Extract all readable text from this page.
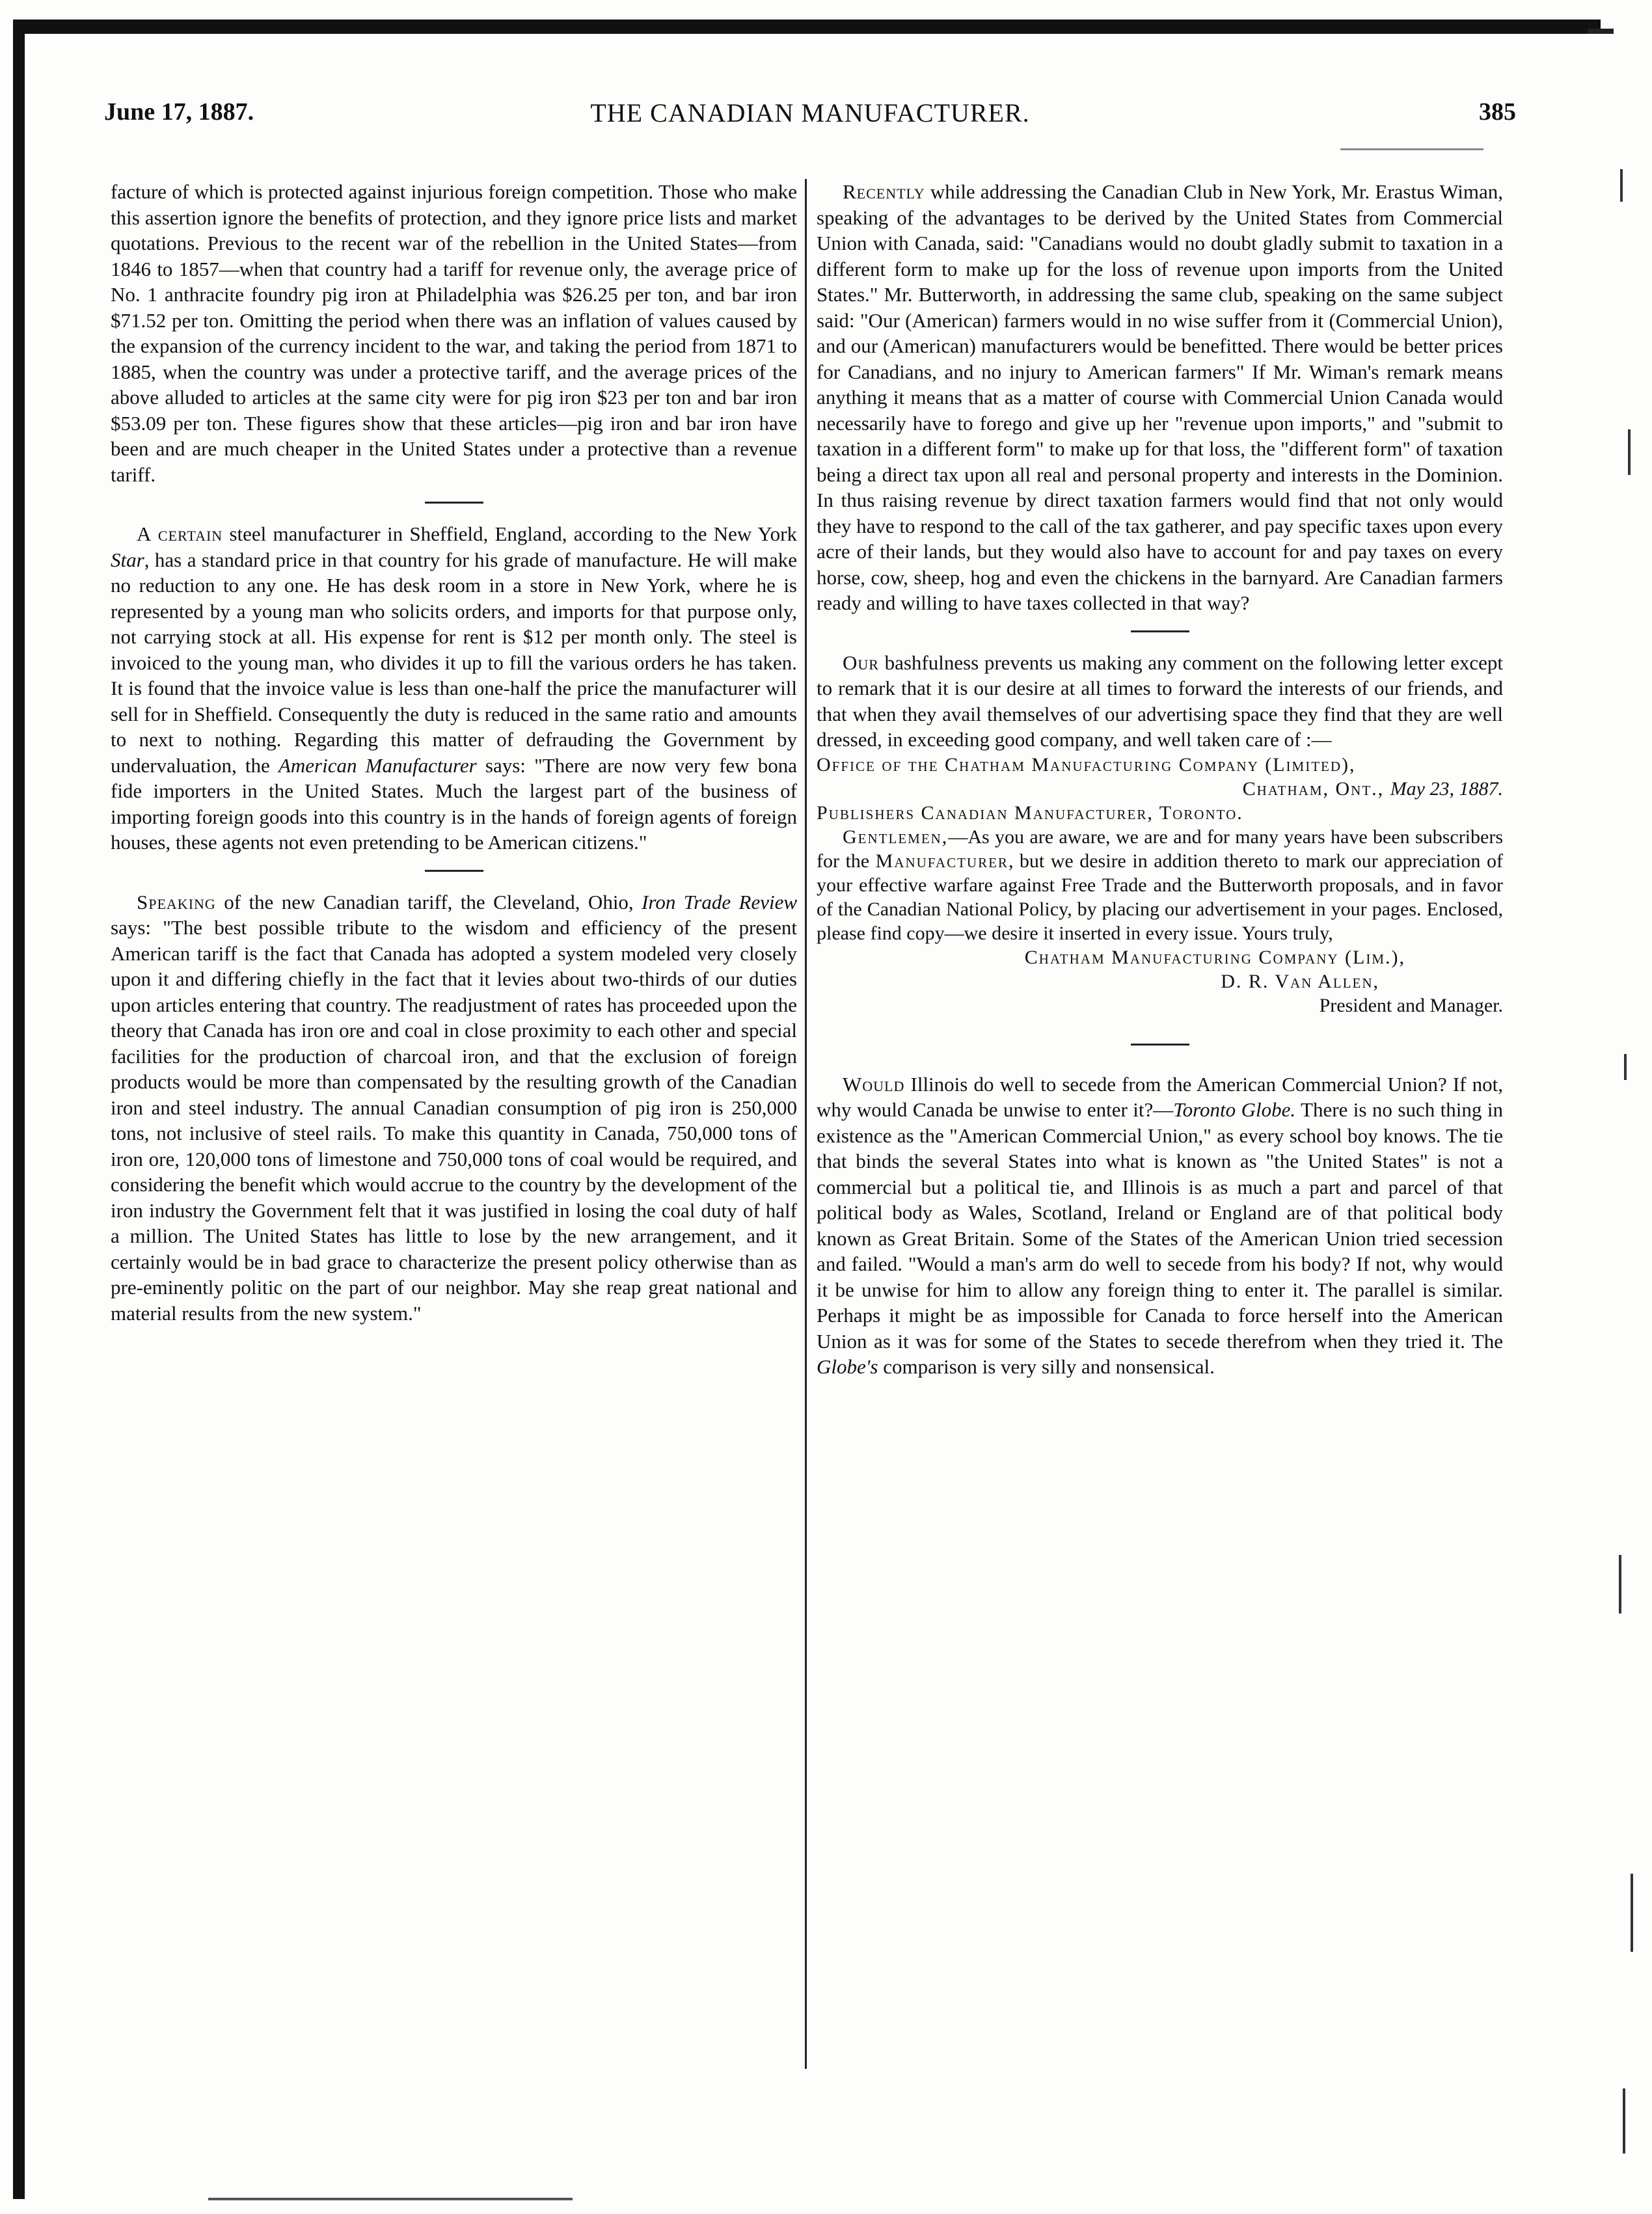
June 17, 1887.	THE CANADIAN MANUFACTURER.	385

facture of which is protected against injurious foreign competition. Those who make this assertion ignore the benefits of protection, and they ignore price lists and market quotations. Previous to the recent war of the rebellion in the United States—from 1846 to 1857—when that country had a tariff for revenue only, the average price of No. 1 anthracite foundry pig iron at Philadelphia was $26.25 per ton, and bar iron $71.52 per ton. Omitting the period when there was an inflation of values caused by the expansion of the currency incident to the war, and taking the period from 1871 to 1885, when the country was under a protective tariff, and the average prices of the above alluded to articles at the same city were for pig iron $23 per ton and bar iron $53.09 per ton. These figures show that these articles—pig iron and bar iron have been and are much cheaper in the United States under a protective than a revenue tariff.

A certain steel manufacturer in Sheffield, England, according to the New York Star, has a standard price in that country for his grade of manufacture. He will make no reduction to any one. He has desk room in a store in New York, where he is represented by a young man who solicits orders, and imports for that purpose only, not carrying stock at all. His expense for rent is $12 per month only. The steel is invoiced to the young man, who divides it up to fill the various orders he has taken. It is found that the invoice value is less than one-half the price the manufacturer will sell for in Sheffield. Consequently the duty is reduced in the same ratio and amounts to next to nothing. Regarding this matter of defrauding the Government by undervaluation, the American Manufacturer says: "There are now very few bona fide importers in the United States. Much the largest part of the business of importing foreign goods into this country is in the hands of foreign agents of foreign houses, these agents not even pretending to be American citizens."

Speaking of the new Canadian tariff, the Cleveland, Ohio, Iron Trade Review says: "The best possible tribute to the wisdom and efficiency of the present American tariff is the fact that Canada has adopted a system modeled very closely upon it and differing chiefly in the fact that it levies about two-thirds of our duties upon articles entering that country. The readjustment of rates has proceeded upon the theory that Canada has iron ore and coal in close proximity to each other and special facilities for the production of charcoal iron, and that the exclusion of foreign products would be more than compensated by the resulting growth of the Canadian iron and steel industry. The annual Canadian consumption of pig iron is 250,000 tons, not inclusive of steel rails. To make this quantity in Canada, 750,000 tons of iron ore, 120,000 tons of limestone and 750,000 tons of coal would be required, and considering the benefit which would accrue to the country by the development of the iron industry the Government felt that it was justified in losing the coal duty of half a million. The United States has little to lose by the new arrangement, and it certainly would be in bad grace to characterize the present policy otherwise than as pre-eminently politic on the part of our neighbor. May she reap great national and material results from the new system."

Recently while addressing the Canadian Club in New York, Mr. Erastus Wiman, speaking of the advantages to be derived by the United States from Commercial Union with Canada, said: "Canadians would no doubt gladly submit to taxation in a different form to make up for the loss of revenue upon imports from the United States." Mr. Butterworth, in addressing the same club, speaking on the same subject said: "Our (American) farmers would in no wise suffer from it (Commercial Union), and our (American) manufacturers would be benefitted. There would be better prices for Canadians, and no injury to American farmers" If Mr. Wiman's remark means anything it means that as a matter of course with Commercial Union Canada would necessarily have to forego and give up her "revenue upon imports," and "submit to taxation in a different form" to make up for that loss, the "different form" of taxation being a direct tax upon all real and personal property and interests in the Dominion. In thus raising revenue by direct taxation farmers would find that not only would they have to respond to the call of the tax gatherer, and pay specific taxes upon every acre of their lands, but they would also have to account for and pay taxes on every horse, cow, sheep, hog and even the chickens in the barnyard. Are Canadian farmers ready and willing to have taxes collected in that way?

Our bashfulness prevents us making any comment on the following letter except to remark that it is our desire at all times to forward the interests of our friends, and that when they avail themselves of our advertising space they find that they are well dressed, in exceeding good company, and well taken care of :—

Office of the Chatham Manufacturing Company (Limited),

Chatham, Ont., May 23, 1887.

Publishers Canadian Manufacturer, Toronto.

Gentlemen,—As you are aware, we are and for many years have been subscribers for the Manufacturer, but we desire in addition thereto to mark our appreciation of your effective warfare against Free Trade and the Butterworth proposals, and in favor of the Canadian National Policy, by placing our advertisement in your pages. Enclosed, please find copy—we desire it inserted in every issue. Yours truly,

Chatham Manufacturing Company (Lim.),

D. R. Van Allen,

President and Manager.

Would Illinois do well to secede from the American Commercial Union? If not, why would Canada be unwise to enter it?—Toronto Globe. There is no such thing in existence as the "American Commercial Union," as every school boy knows. The tie that binds the several States into what is known as "the United States" is not a commercial but a political tie, and Illinois is as much a part and parcel of that political body as Wales, Scotland, Ireland or England are of that political body known as Great Britain. Some of the States of the American Union tried secession and failed. "Would a man's arm do well to secede from his body? If not, why would it be unwise for him to allow any foreign thing to enter it. The parallel is similar. Perhaps it might be as impossible for Canada to force herself into the American Union as it was for some of the States to secede therefrom when they tried it. The Globe's comparison is very silly and nonsensical.
